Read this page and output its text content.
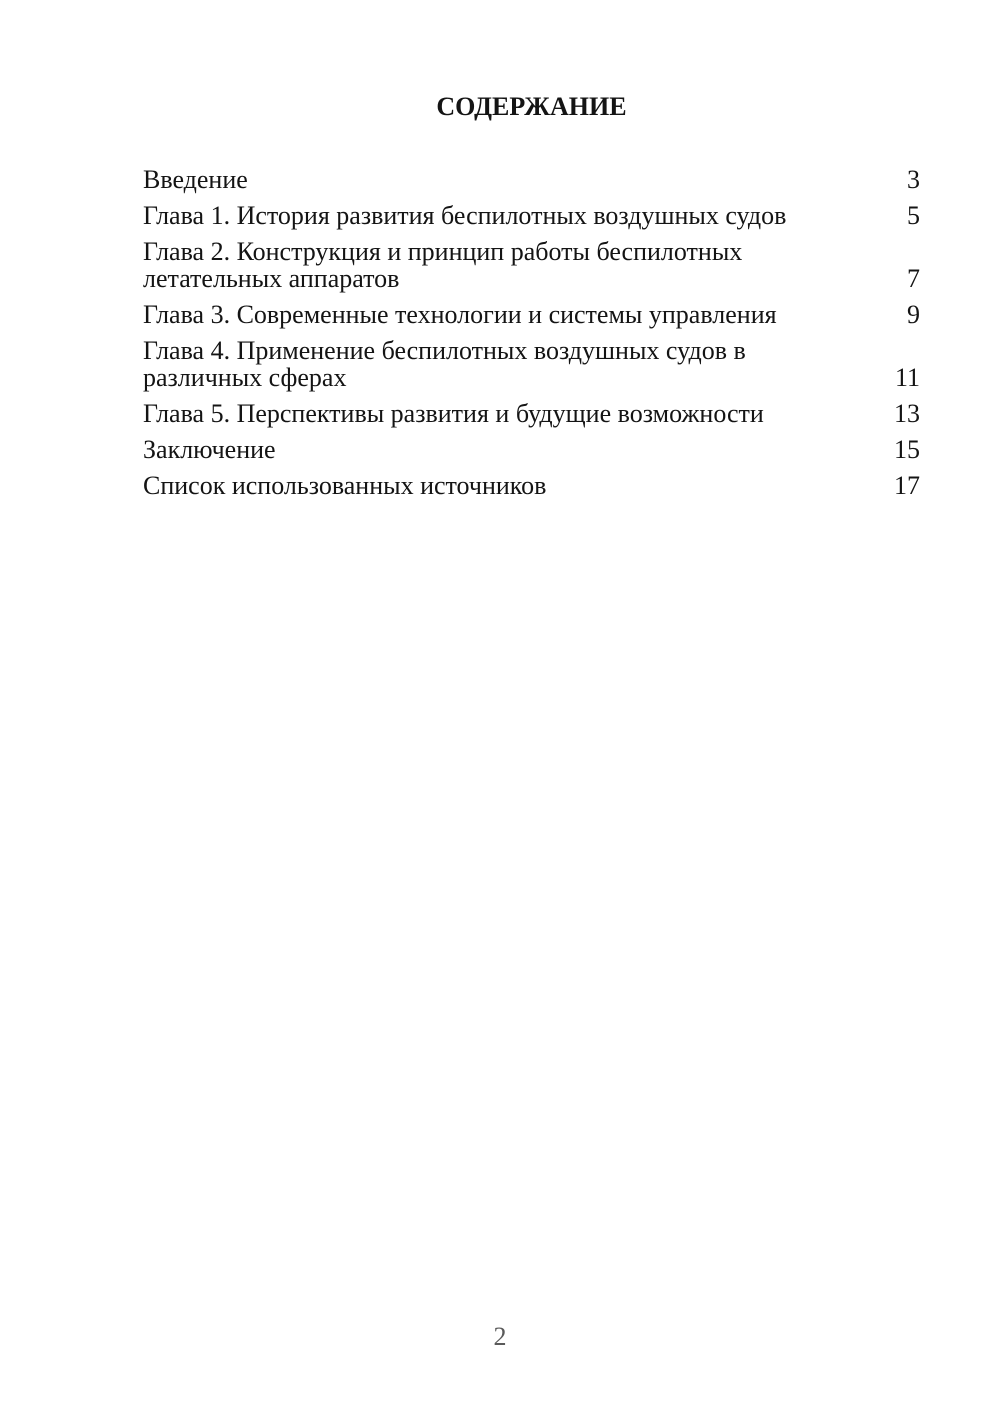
СОДЕРЖАНИЕ
Введение	3
Глава 1. История развития беспилотных воздушных судов	5
Глава 2. Конструкция и принцип работы беспилотных летательных аппаратов	7
Глава 3. Современные технологии и системы управления	9
Глава 4. Применение беспилотных воздушных судов в различных сферах	11
Глава 5. Перспективы развития и будущие возможности	13
Заключение	15
Список использованных источников	17
2
